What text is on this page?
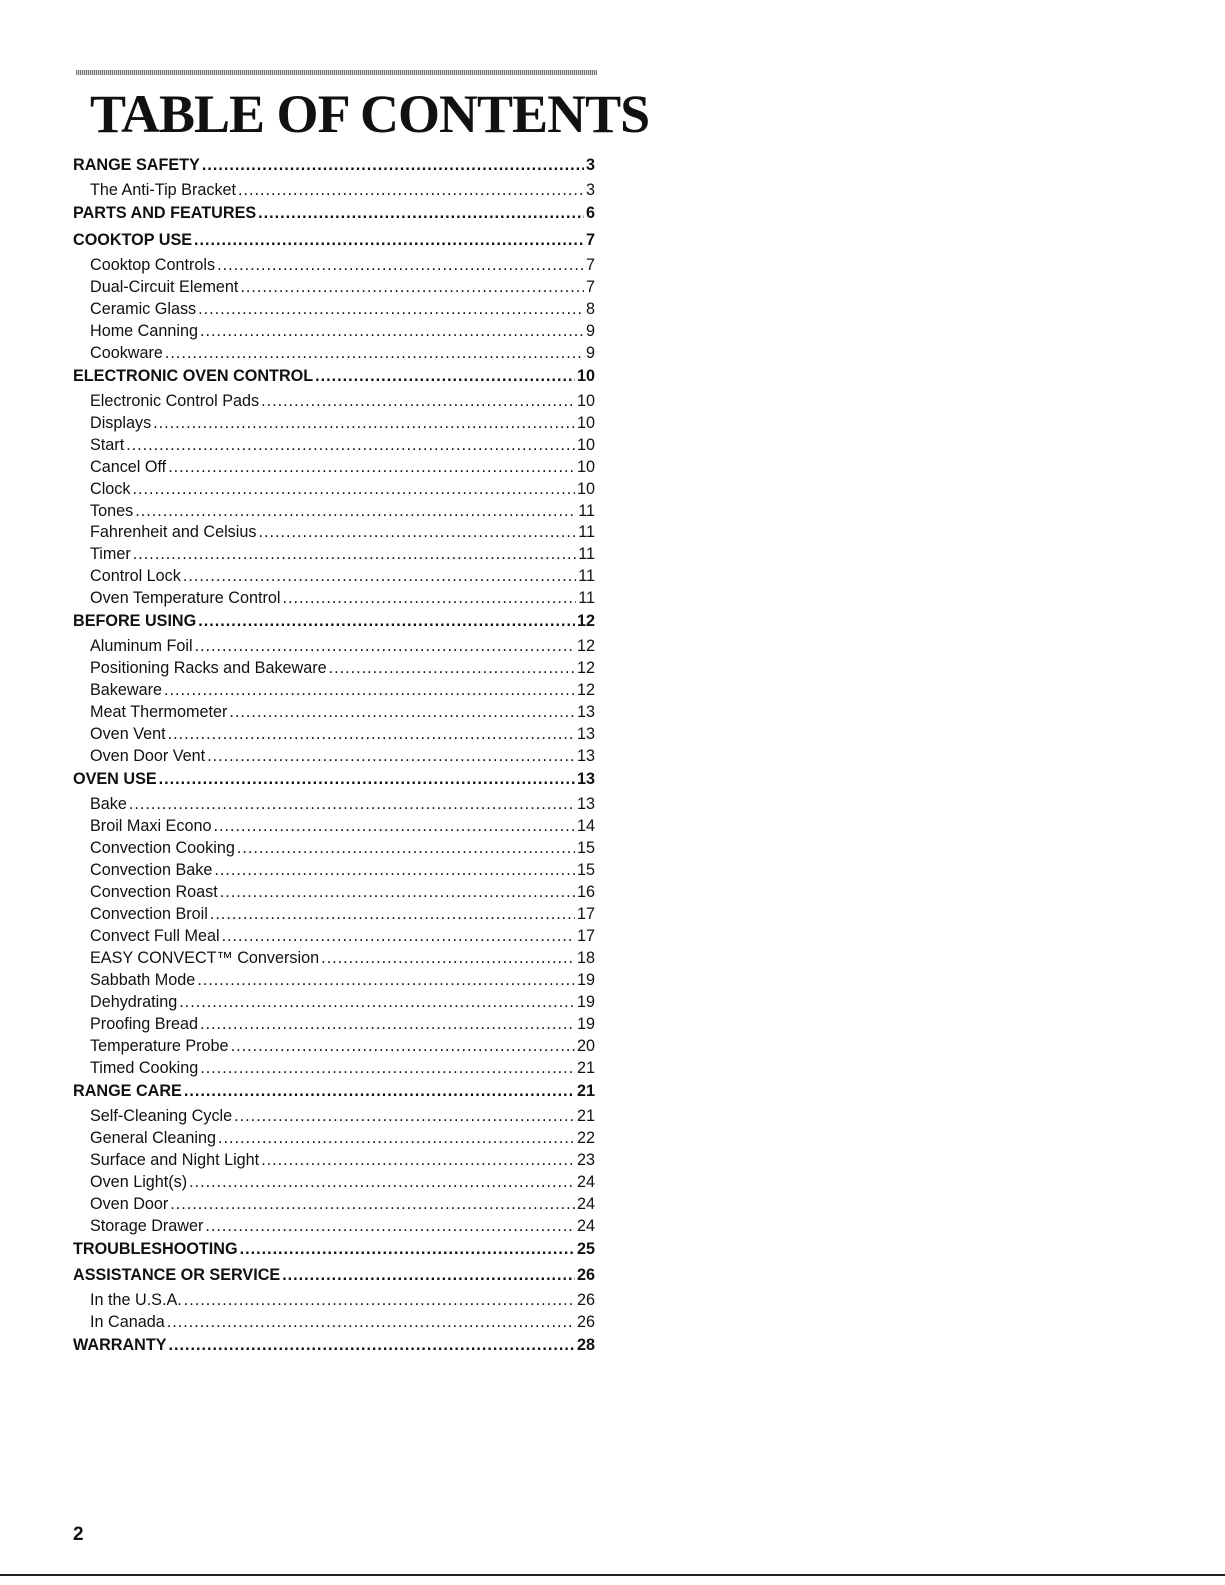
TABLE OF CONTENTS
RANGE SAFETY .....	3
The Anti-Tip Bracket .....	3
PARTS AND FEATURES .....	6
COOKTOP USE .....	7
Cooktop Controls .....	7
Dual-Circuit Element .....	7
Ceramic Glass .....	8
Home Canning .....	9
Cookware .....	9
ELECTRONIC OVEN CONTROL .....	10
Electronic Control Pads .....	10
Displays .....	10
Start .....	10
Cancel Off .....	10
Clock .....	10
Tones .....	11
Fahrenheit and Celsius .....	11
Timer .....	11
Control Lock .....	11
Oven Temperature Control .....	11
BEFORE USING .....	12
Aluminum Foil .....	12
Positioning Racks and Bakeware .....	12
Bakeware .....	12
Meat Thermometer .....	13
Oven Vent .....	13
Oven Door Vent .....	13
OVEN USE .....	13
Bake .....	13
Broil Maxi Econo .....	14
Convection Cooking .....	15
Convection Bake .....	15
Convection Roast .....	16
Convection Broil .....	17
Convect Full Meal .....	17
EASY CONVECT™ Conversion .....	18
Sabbath Mode .....	19
Dehydrating .....	19
Proofing Bread .....	19
Temperature Probe .....	20
Timed Cooking .....	21
RANGE CARE .....	21
Self-Cleaning Cycle .....	21
General Cleaning .....	22
Surface and Night Light .....	23
Oven Light(s) .....	24
Oven Door .....	24
Storage Drawer .....	24
TROUBLESHOOTING .....	25
ASSISTANCE OR SERVICE .....	26
In the U.S.A. .....	26
In Canada .....	26
WARRANTY .....	28
2
